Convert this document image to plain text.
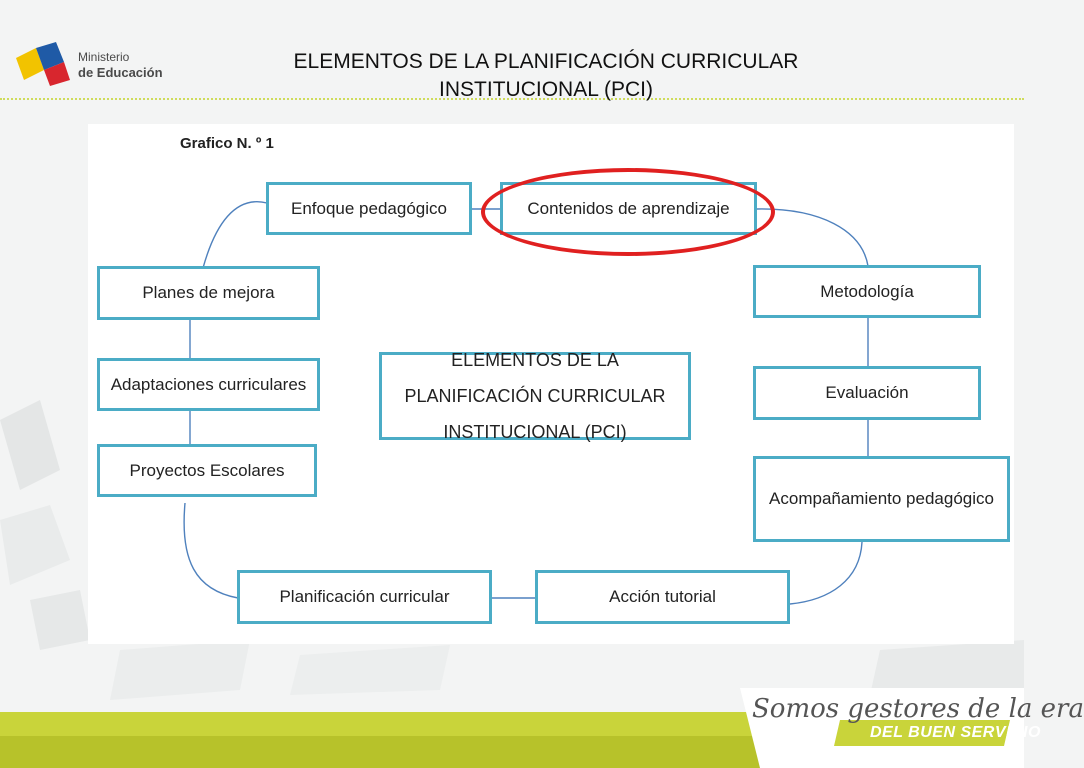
Ministerio
de Educación	ELEMENTOS DE LA PLANIFICACIÓN CURRICULAR INSTITUCIONAL (PCI)
Grafico N. º 1
Enfoque pedagógico	Contenidos de aprendizaje
Planes de mejora	Metodología
Adaptaciones curriculares
ELEMENTOS DE LA PLANIFICACIÓN CURRICULAR INSTITUCIONAL (PCI)
Evaluación
Proyectos Escolares
Acompañamiento pedagógico
Planificación curricular	Acción tutorial
Somos gestores de la era
DEL BUEN SERVICIO
